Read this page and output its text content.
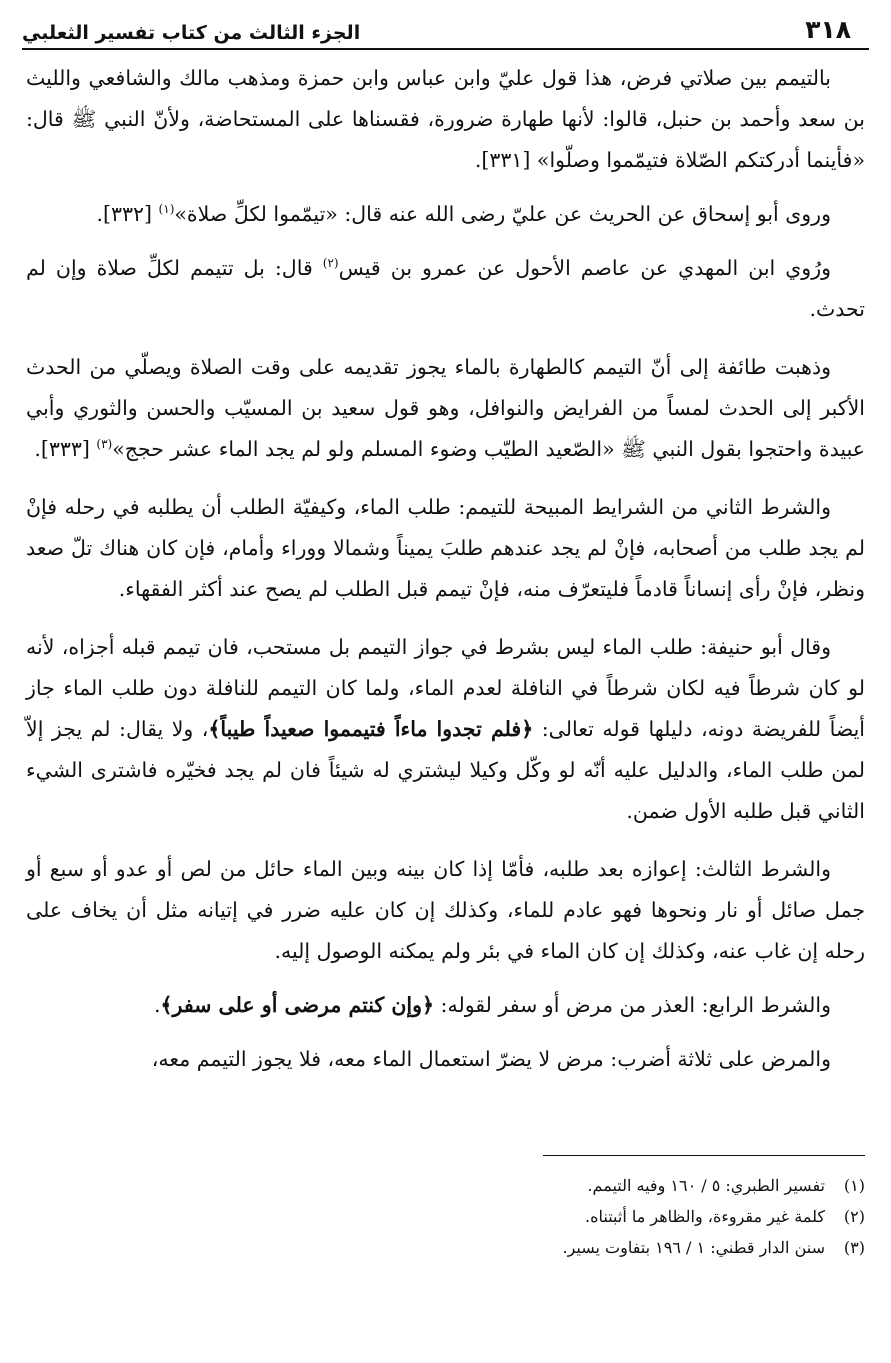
٣١٨
الجزء الثالث من كتاب تفسير الثعلبي

بالتيمم بين صلاتي فرض، هذا قول عليّ وابن عباس وابن حمزة ومذهب مالك والشافعي والليث بن سعد وأحمد بن حنبل، قالوا: لأنها طهارة ضرورة، فقسناها على المستحاضة، ولأنّ النبي ﷺ قال: «فأينما أدركتكم الصّلاة فتيمّموا وصلّوا» [٣٣١].

وروى أبو إسحاق عن الحريث عن عليّ رضى الله عنه قال: «تيمّموا لكلِّ صلاة»$^{(١)}$ [٣٣٢].

ورُوي ابن المهدي عن عاصم الأحول عن عمرو بن قيس$^{(٢)}$ قال: بل تتيمم لكلِّ صلاة وإن لم تحدث.

وذهبت طائفة إلى أنّ التيمم كالطهارة بالماء يجوز تقديمه على وقت الصلاة ويصلّي من الحدث الأكبر إلى الحدث لمساً من الفرايض والنوافل، وهو قول سعيد بن المسيّب والحسن والثوري وأبي عبيدة واحتجوا بقول النبي ﷺ «الصّعيد الطيّب وضوء المسلم ولو لم يجد الماء عشر حجج»$^{(٣)}$ [٣٣٣].

والشرط الثاني من الشرايط المبيحة للتيمم: طلب الماء، وكيفيّة الطلب أن يطلبه في رحله فإنْ لم يجد طلب من أصحابه، فإنْ لم يجد عندهم طلبَ يميناً وشمالا ووراء وأمام، فإن كان هناك تلّ صعد ونظر، فإنْ رأى إنساناً قادماً فليتعرّف منه، فإنْ تيمم قبل الطلب لم يصح عند أكثر الفقهاء.

وقال أبو حنيفة: طلب الماء ليس بشرط في جواز التيمم بل مستحب، فان تيمم قبله أجزاه، لأنه لو كان شرطاً فيه لكان شرطاً في النافلة لعدم الماء، ولما كان التيمم للنافلة دون طلب الماء جاز أيضاً للفريضة دونه، دليلها قوله تعالى: ﴿فلم تجدوا ماءاً فتيمموا صعيداً طيباً﴾، ولا يقال: لم يجز إلاّ لمن طلب الماء، والدليل عليه أنّه لو وكّل وكيلا ليشتري له شيئاً فان لم يجد فخيّره فاشترى الشيء الثاني قبل طلبه الأول ضمن.

والشرط الثالث: إعوازه بعد طلبه، فأمّا إذا كان بينه وبين الماء حائل من لص أو عدو أو سبع أو جمل صائل أو نار ونحوها فهو عادم للماء، وكذلك إن كان عليه ضرر في إتيانه مثل أن يخاف على رحله إن غاب عنه، وكذلك إن كان الماء في بئر ولم يمكنه الوصول إليه.

والشرط الرابع: العذر من مرض أو سفر لقوله: ﴿وإن كنتم مرضى أو على سفر﴾.

والمرض على ثلاثة أضرب: مرض لا يضرّ استعمال الماء معه، فلا يجوز التيمم معه،

(١)
تفسير الطبري: ٥ / ١٦٠ وفيه التيمم.
(٢)
كلمة غير مقروءة، والظاهر ما أثبتناه.
(٣)
سنن الدار قطني: ١ / ١٩٦ بتفاوت يسير.
